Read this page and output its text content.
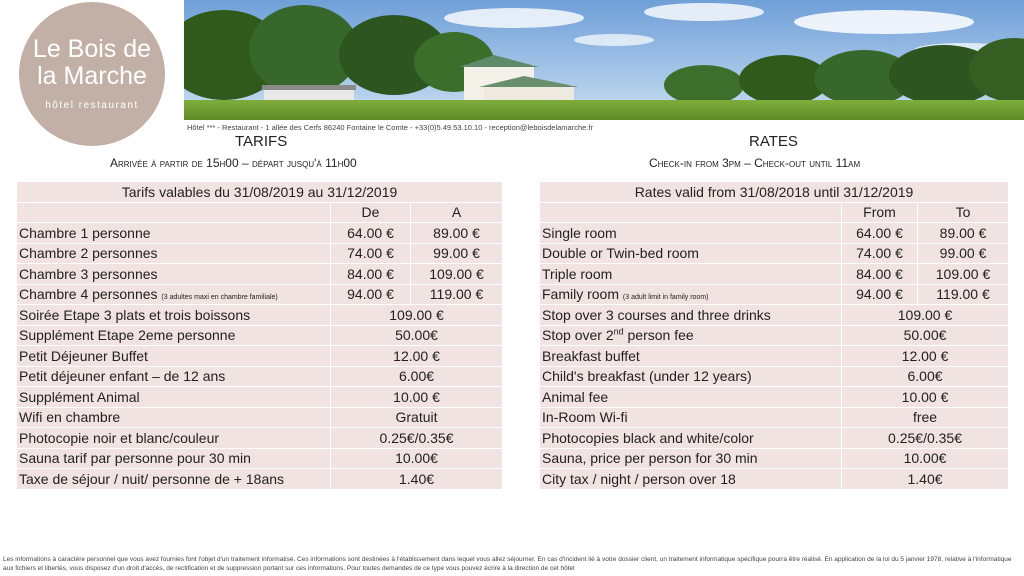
Le Bois de
la Marche
hôtel restaurant
Hôtel *** - Restaurant - 1 allée des Cerfs 86240 Fontaine le Comte - +33(0)5.49.53.10.10 - reception@leboisdelamarche.fr
TARIFS
Arrivée à partir de 15h00 – départ jusqu'à 11h00
RATES
Check-in from 3pm – Check-out until 11am
Tarifs valables du 31/08/2019 au 31/12/2019		
	De	A
Chambre 1 personne	64.00 €	89.00 €
Chambre 2 personnes	74.00 €	99.00 €
Chambre 3 personnes	84.00 €	109.00 €
Chambre 4 personnes (3 adultes maxi en chambre familiale)	94.00 €	119.00 €
Soirée Etape 3 plats et trois boissons	109.00 €	
Supplément Etape 2eme personne	50.00€	
Petit Déjeuner Buffet	12.00 €	
Petit déjeuner enfant – de 12 ans	6.00€	
Supplément Animal	10.00 €	
Wifi en chambre	Gratuit	
Photocopie noir et blanc/couleur	0.25€/0.35€	
Sauna tarif par personne pour 30 min	10.00€	
Taxe de séjour / nuit/ personne de + 18ans	1.40€	
Rates valid from 31/08/2018 until 31/12/2019		
	From	To
Single room	64.00 €	89.00 €
Double or Twin-bed room	74.00 €	99.00 €
Triple room	84.00 €	109.00 €
Family room (3 adult limit in family room)	94.00 €	119.00 €
Stop over 3 courses and three drinks	109.00 €	
Stop over 2nd person fee	50.00€	
Breakfast buffet	12.00 €	
Child's breakfast (under 12 years)	6.00€	
Animal fee	10.00 €	
In-Room Wi-fi	free	
Photocopies black and white/color	0.25€/0.35€	
Sauna, price per person for 30 min	10.00€	
City tax / night / person over 18	1.40€	
Les informations à caractère personnel que vous avez fournies font l'objet d'un traitement informatisé. Ces informations sont destinées à l'établissement dans lequel vous allez séjourner. En cas d'incident lié à votre dossier client, un traitement informatique spécifique pourra être réalisé. En application de la loi du 5 janvier 1978, relative à l'informatique aux fichiers et libertés, vous disposez d'un droit d'accès, de rectification et de suppression portant sur ces informations. Pour toutes demandes de ce type vous pouvez écrire à la direction de cet hôtel
